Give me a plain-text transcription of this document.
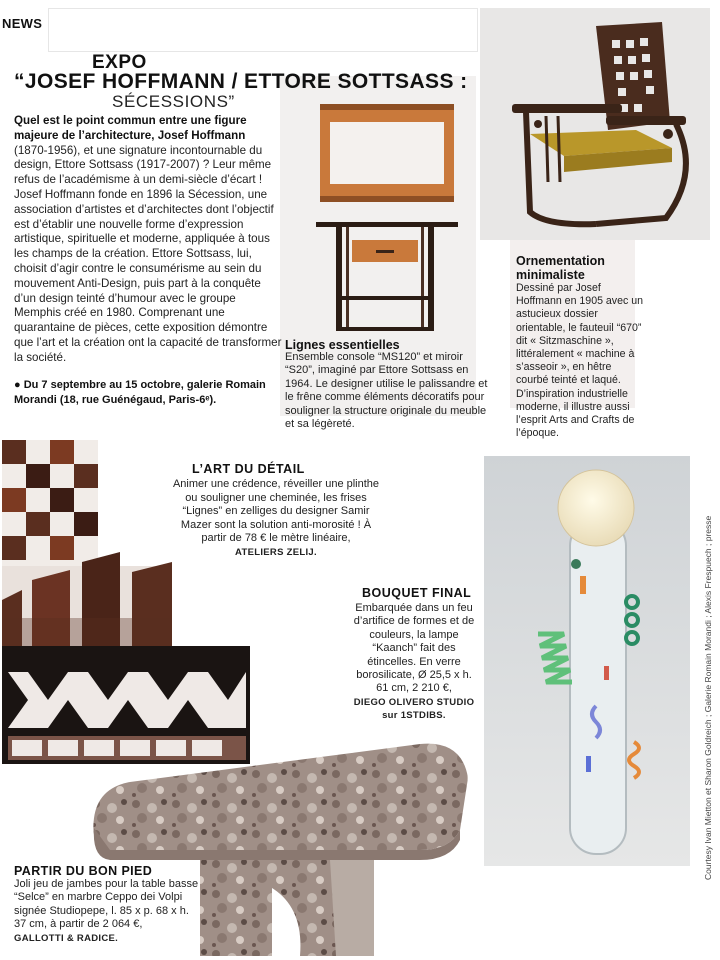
NEWS
EXPO
“JOSEF HOFFMANN / ETTORE SOTTSASS :
SÉCESSIONS”
Quel est le point commun entre une figure majeure de l’architecture, Josef Hoffmann (1870-1956), et une signature incontournable du design, Ettore Sottsass (1917-2007) ? Leur même refus de l’académisme à un demi-siècle d’écart ! Josef Hoffmann fonde en 1896 la Sécession, une association d’artistes et d’architectes dont l’objectif est d’établir une nouvelle forme d’expression artistique, spirituelle et moderne, appliquée à tous les champs de la création. Ettore Sottsass, lui, choisit d’agir contre le consumérisme au sein du mouvement Anti-Design, puis part à la conquête d’un design teinté d’humour avec le groupe Memphis créé en 1980. Comprenant une quarantaine de pièces, cette exposition démontre que l’art et la création ont la capacité de transformer la société.
● Du 7 septembre au 15 octobre, galerie Romain Morandi (18, rue Guénégaud, Paris-6ᵉ).
Lignes essentielles
Ensemble console “MS120” et miroir “S20”, imaginé par Ettore Sottsass en 1964. Le designer utilise le palissandre et le frêne comme éléments décoratifs pour souligner la structure originale du meuble et sa légèreté.
Ornementation minimaliste
Dessiné par Josef Hoffmann en 1905 avec un astucieux dossier orientable, le fauteuil “670” dit « Sitzmaschine », littéralement « machine à s’asseoir », en hêtre courbé teinté et laqué. D’inspiration industrielle moderne, il illustre aussi l’esprit Arts and Crafts de l’époque.
L’ART DU DÉTAIL
Animer une crédence, réveiller une plinthe ou souligner une cheminée, les frises “Lignes” en zelliges du designer Samir Mazer sont la solution anti-morosité ! À partir de 78 € le mètre linéaire,
ATELIERS ZELIJ.
BOUQUET FINAL
Embarquée dans un feu d’artifice de formes et de couleurs, la lampe “Kaanch” fait des étincelles. En verre borosilicate, Ø 25,5 x h. 61 cm, 2 210 €,
DIEGO OLIVERO STUDIO sur 1STDIBS.
PARTIR DU BON PIED
Joli jeu de jambes pour la table basse “Selce” en marbre Ceppo dei Volpi signée Studiopepe, l. 85 x p. 68 x h. 37 cm, à partir de 2 064 €,
GALLOTTI & RADICE.
Courtesy Ivan Mietton et Sharon Goldreich ; Galerie Romain Morandi ; Alexis Frespuech ; presse
